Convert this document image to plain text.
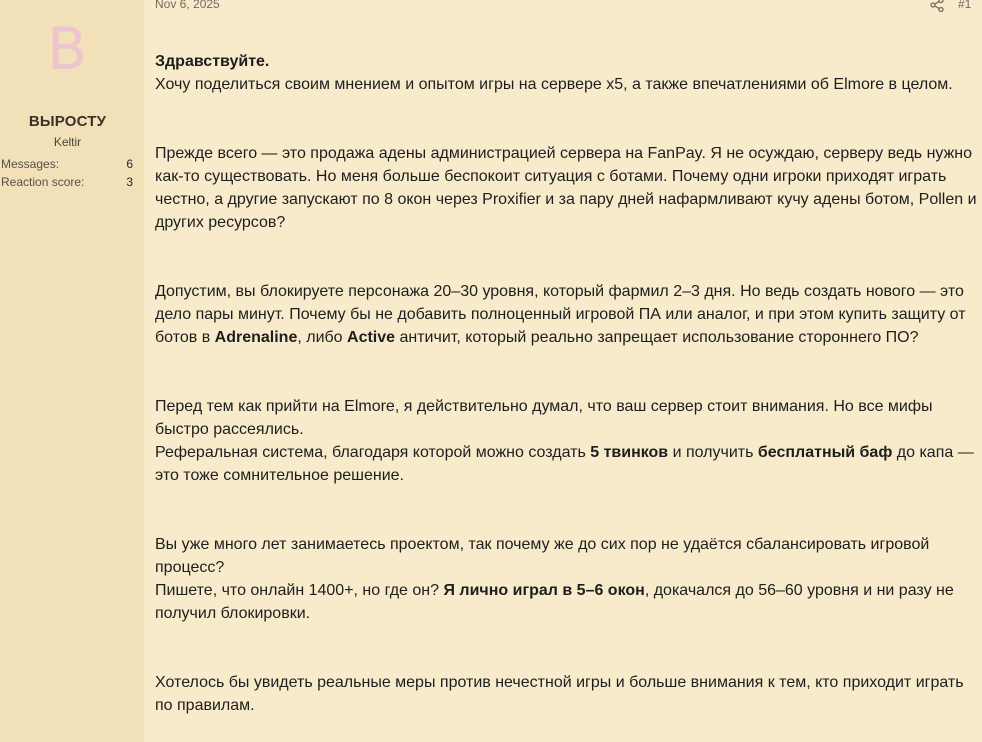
B
ВЫРОСТУ
Keltir
Messages:	6
Reaction score:	3
Nov 6, 2025	#1

Здравствуйте.

Хочу поделиться своим мнением и опытом игры на сервере x5, а также впечатлениями об Elmore в целом.

Прежде всего — это продажа адены администрацией сервера на FanPay. Я не осуждаю, серверу ведь нужно как-то существовать. Но меня больше беспокоит ситуация с ботами. Почему одни игроки приходят играть честно, а другие запускают по 8 окон через Proxifier и за пару дней нафармливают кучу адены ботом, Pollen и других ресурсов?

Допустим, вы блокируете персонажа 20–30 уровня, который фармил 2–3 дня. Но ведь создать нового — это дело пары минут. Почему бы не добавить полноценный игровой ПА или аналог, и при этом купить защиту от ботов в Adrenaline, либо Active античит, который реально запрещает использование стороннего ПО?

Перед тем как прийти на Elmore, я действительно думал, что ваш сервер стоит внимания. Но все мифы быстро рассеялись.

Реферальная система, благодаря которой можно создать 5 твинков и получить бесплатный баф до капа — это тоже сомнительное решение.

Вы уже много лет занимаетесь проектом, так почему же до сих пор не удаётся сбалансировать игровой процесс?

Пишете, что онлайн 1400+, но где он? Я лично играл в 5–6 окон, докачался до 56–60 уровня и ни разу не получил блокировки.

Хотелось бы увидеть реальные меры против нечестной игры и больше внимания к тем, кто приходит играть по правилам.
